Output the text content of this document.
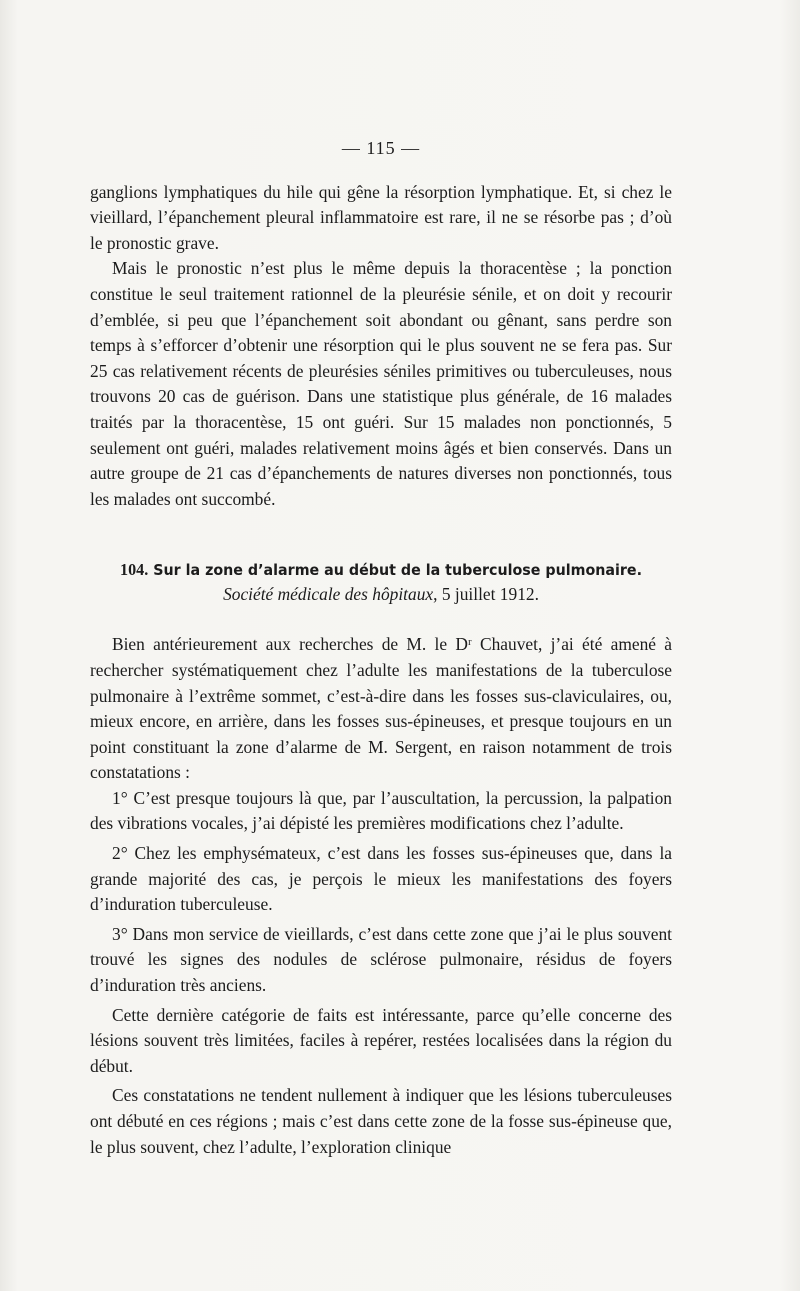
— 115 —

ganglions lymphatiques du hile qui gêne la résorption lymphatique. Et, si chez le vieillard, l’épanchement pleural inflammatoire est rare, il ne se résorbe pas ; d’où le pronostic grave.

Mais le pronostic n’est plus le même depuis la thoracentèse ; la ponction constitue le seul traitement rationnel de la pleurésie sénile, et on doit y recourir d’emblée, si peu que l’épanchement soit abondant ou gênant, sans perdre son temps à s’efforcer d’obtenir une résorption qui le plus souvent ne se fera pas. Sur 25 cas relativement récents de pleurésies séniles primitives ou tuberculeuses, nous trouvons 20 cas de guérison. Dans une statistique plus générale, de 16 malades traités par la thoracentèse, 15 ont guéri. Sur 15 malades non ponctionnés, 5 seulement ont guéri, malades relativement moins âgés et bien conservés. Dans un autre groupe de 21 cas d’épanchements de natures diverses non ponctionnés, tous les malades ont succombé.

104. Sur la zone d’alarme au début de la tuberculose pulmonaire.
Société médicale des hôpitaux, 5 juillet 1912.

Bien antérieurement aux recherches de M. le Dʳ Chauvet, j’ai été amené à rechercher systématiquement chez l’adulte les manifestations de la tuberculose pulmonaire à l’extrême sommet, c’est-à-dire dans les fosses sus-claviculaires, ou, mieux encore, en arrière, dans les fosses sus-épineuses, et presque toujours en un point constituant la zone d’alarme de M. Sergent, en raison notamment de trois constatations :

1° C’est presque toujours là que, par l’auscultation, la percussion, la palpation des vibrations vocales, j’ai dépisté les premières modifications chez l’adulte.

2° Chez les emphysémateux, c’est dans les fosses sus-épineuses que, dans la grande majorité des cas, je perçois le mieux les manifestations des foyers d’induration tuberculeuse.

3° Dans mon service de vieillards, c’est dans cette zone que j’ai le plus souvent trouvé les signes des nodules de sclérose pulmonaire, résidus de foyers d’induration très anciens.

Cette dernière catégorie de faits est intéressante, parce qu’elle concerne des lésions souvent très limitées, faciles à repérer, restées localisées dans la région du début.

Ces constatations ne tendent nullement à indiquer que les lésions tuberculeuses ont débuté en ces régions ; mais c’est dans cette zone de la fosse sus-épineuse que, le plus souvent, chez l’adulte, l’exploration clinique
